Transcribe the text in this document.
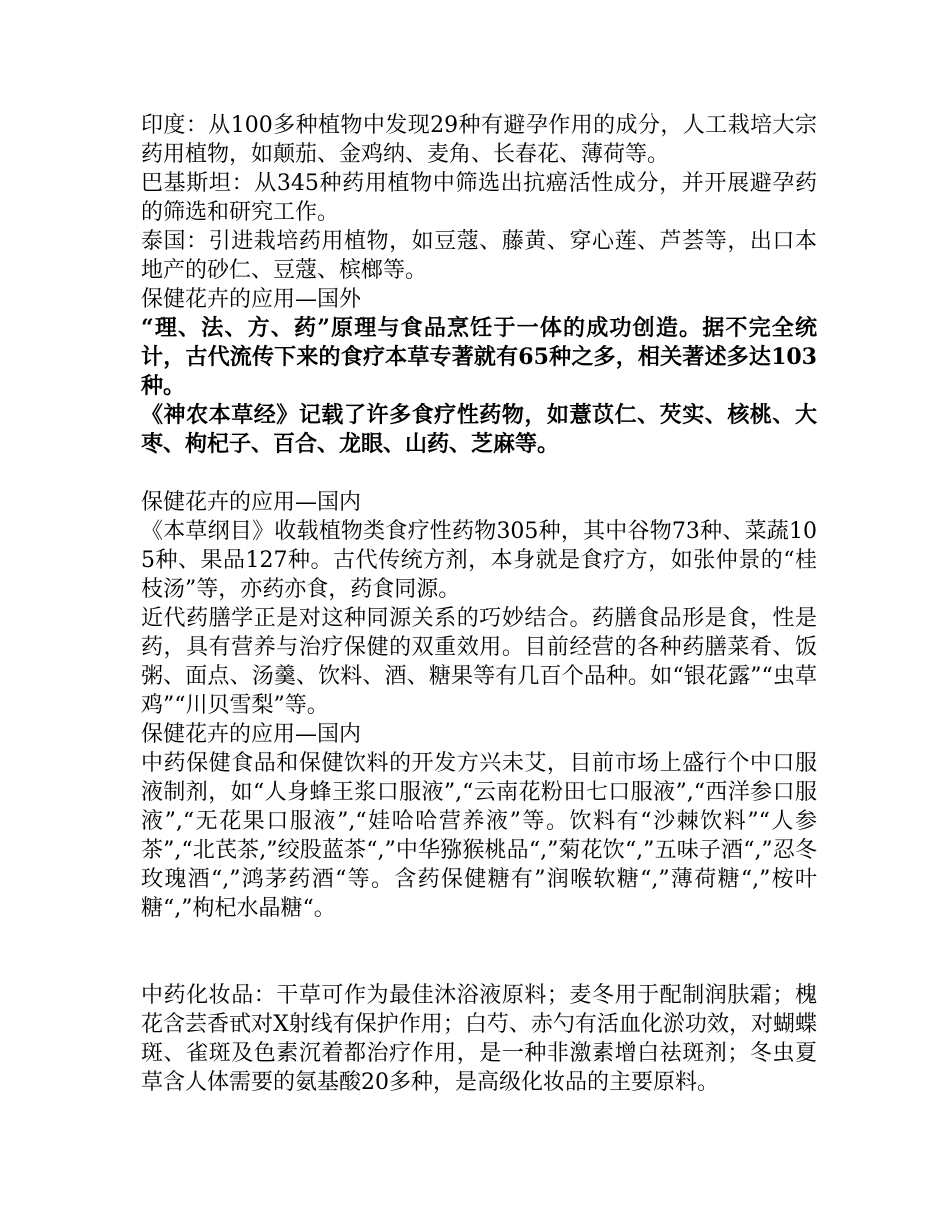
印度：从100多种植物中发现29种有避孕作用的成分，人工栽培大宗药用植物，如颠茄、金鸡纳、麦角、长春花、薄荷等。

巴基斯坦：从345种药用植物中筛选出抗癌活性成分，并开展避孕药的筛选和研究工作。

泰国：引进栽培药用植物，如豆蔻、藤黄、穿心莲、芦荟等，出口本地产的砂仁、豆蔻、槟榔等。

保健花卉的应用—国外

“理、法、方、药”原理与食品烹饪于一体的成功创造。据不完全统计，古代流传下来的食疗本草专著就有65种之多，相关著述多达103种。

《神农本草经》记载了许多食疗性药物，如薏苡仁、芡实、核桃、大枣、枸杞子、百合、龙眼、山药、芝麻等。

保健花卉的应用—国内

《本草纲目》收载植物类食疗性药物305种，其中谷物73种、菜蔬105种、果品127种。古代传统方剂，本身就是食疗方，如张仲景的“桂枝汤”等，亦药亦食，药食同源。

近代药膳学正是对这种同源关系的巧妙结合。药膳食品形是食，性是药，具有营养与治疗保健的双重效用。目前经营的各种药膳菜肴、饭粥、面点、汤羹、饮料、酒、糖果等有几百个品种。如“银花露”“虫草鸡”“川贝雪梨”等。

保健花卉的应用—国内

中药保健食品和保健饮料的开发方兴未艾，目前市场上盛行个中口服液制剂，如“人身蜂王浆口服液”,“云南花粉田七口服液”,“西洋参口服液”,“无花果口服液”,“娃哈哈营养液”等。饮料有“沙棘饮料”“人参茶”,“北芪茶,”绞股蓝茶“,”中华猕猴桃品“,”菊花饮“,”五味子酒“,”忍冬玫瑰酒“,”鸿茅药酒“等。含药保健糖有”润喉软糖“,”薄荷糖“,”桉叶糖“,”枸杞水晶糖“。

中药化妆品：干草可作为最佳沐浴液原料；麦冬用于配制润肤霜；槐花含芸香甙对X射线有保护作用；白芍、赤勺有活血化淤功效，对蝴蝶斑、雀斑及色素沉着都治疗作用，是一种非激素增白祛斑剂；冬虫夏草含人体需要的氨基酸20多种，是高级化妆品的主要原料。
